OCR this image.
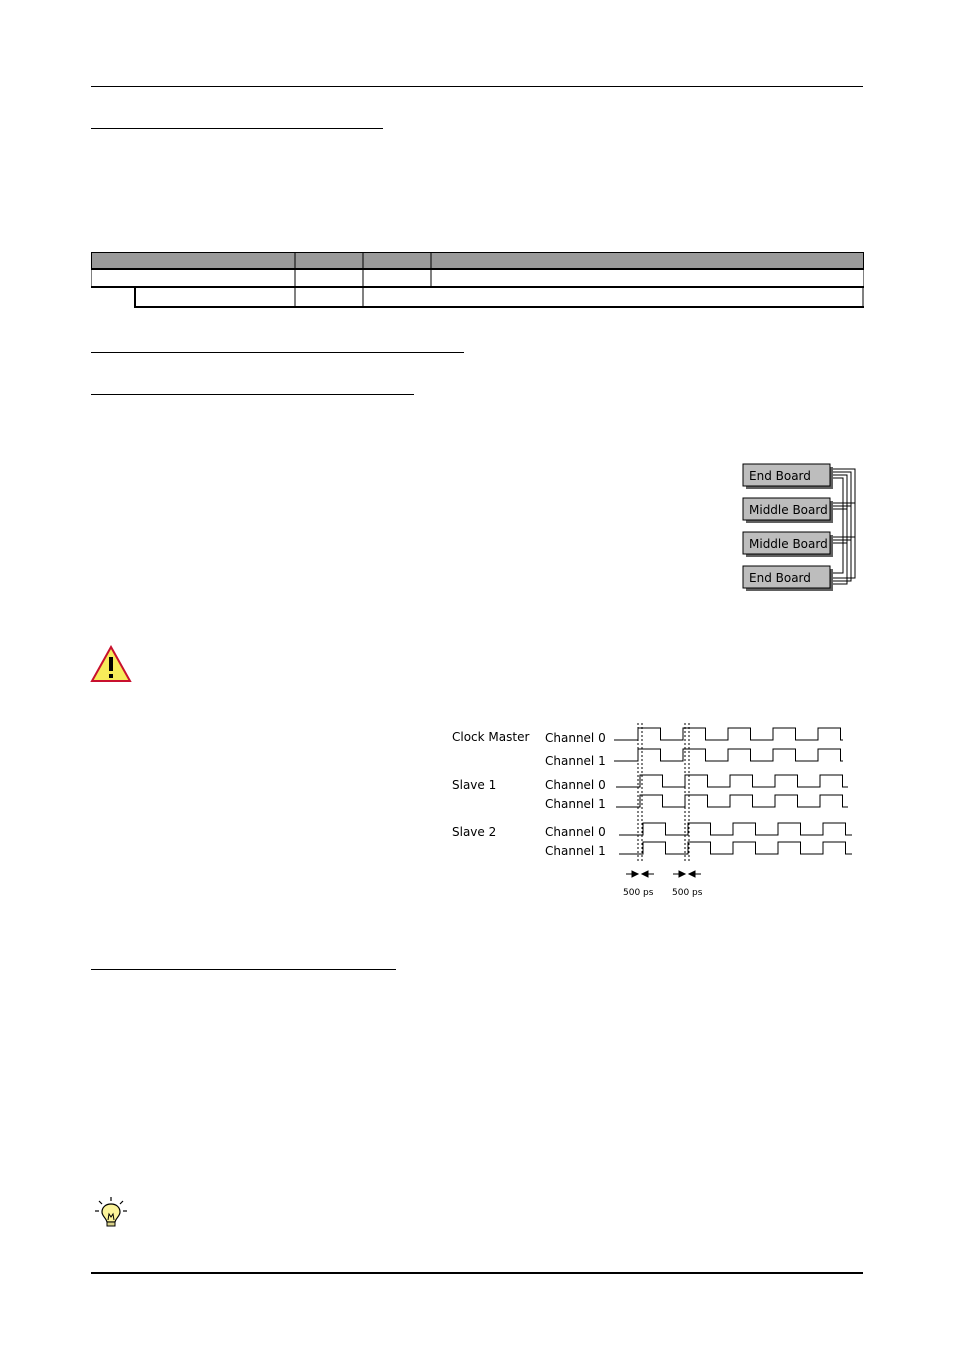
End Board
Middle Board
Middle Board
End Board
Clock Master Channel 0
Channel 1
Slave 1	Channel 0
Channel 1
Slave 2	Channel 0
Channel 1
500 ps 500 ps
